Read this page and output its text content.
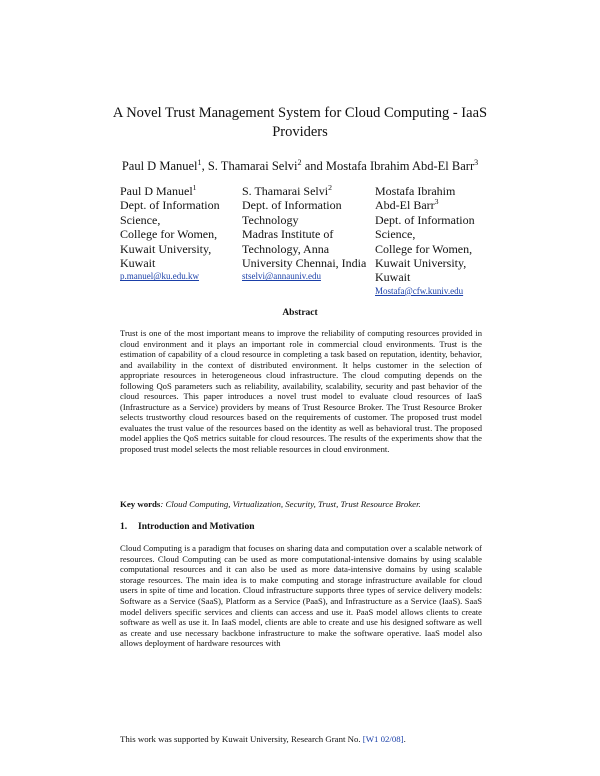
A Novel Trust Management System for Cloud Computing - IaaS Providers
Paul D Manuel$^1$, S. Thamarai Selvi$^2$ and Mostafa Ibrahim Abd-El Barr$^3$
Paul D Manuel$^1$
Dept. of Information
Science,
College for Women,
Kuwait University,
Kuwait
p.manuel@ku.edu.kw
S. Thamarai Selvi$^2$
Dept. of Information
Technology
Madras Institute of
Technology, Anna
University Chennai, India
stselvi@annauniv.edu
Mostafa Ibrahim
Abd-El Barr$^3$
Dept. of Information
Science,
College for Women,
Kuwait University,
Kuwait
Mostafa@cfw.kuniv.edu
Abstract
Trust is one of the most important means to improve the reliability of computing resources provided in cloud environment and it plays an important role in commercial cloud environments. Trust is the estimation of capability of a cloud resource in completing a task based on reputation, identity, behavior, and availability in the context of distributed environment. It helps customer in the selection of appropriate resources in heterogeneous cloud infrastructure. The cloud computing depends on the following QoS parameters such as reliability, availability, scalability, security and past behavior of the cloud resources. This paper introduces a novel trust model to evaluate cloud resources of IaaS (Infrastructure as a Service) providers by means of Trust Resource Broker. The Trust Resource Broker selects trustworthy cloud resources based on the requirements of customer. The proposed trust model evaluates the trust value of the resources based on the identity as well as behavioral trust. The proposed model applies the QoS metrics suitable for cloud resources. The results of the experiments show that the proposed trust model selects the most reliable resources in cloud environment.
Key words: Cloud Computing, Virtualization, Security, Trust, Trust Resource Broker.
1. Introduction and Motivation
Cloud Computing is a paradigm that focuses on sharing data and computation over a scalable network of resources. Cloud Computing can be used as more computational-intensive domains by using scalable computational resources and it can also be used as more data-intensive domains by using scalable storage resources. The main idea is to make computing and storage infrastructure available for cloud users in spite of time and location. Cloud infrastructure supports three types of service delivery models: Software as a Service (SaaS), Platform as a Service (PaaS), and Infrastructure as a Service (IaaS). SaaS model delivers specific services and clients can access and use it. PaaS model allows clients to create software as well as use it. In IaaS model, clients are able to create and use his designed software as well as create and use necessary backbone infrastructure to make the software operative. IaaS model also allows deployment of hardware resources with
This work was supported by Kuwait University, Research Grant No. [W1 02/08].
